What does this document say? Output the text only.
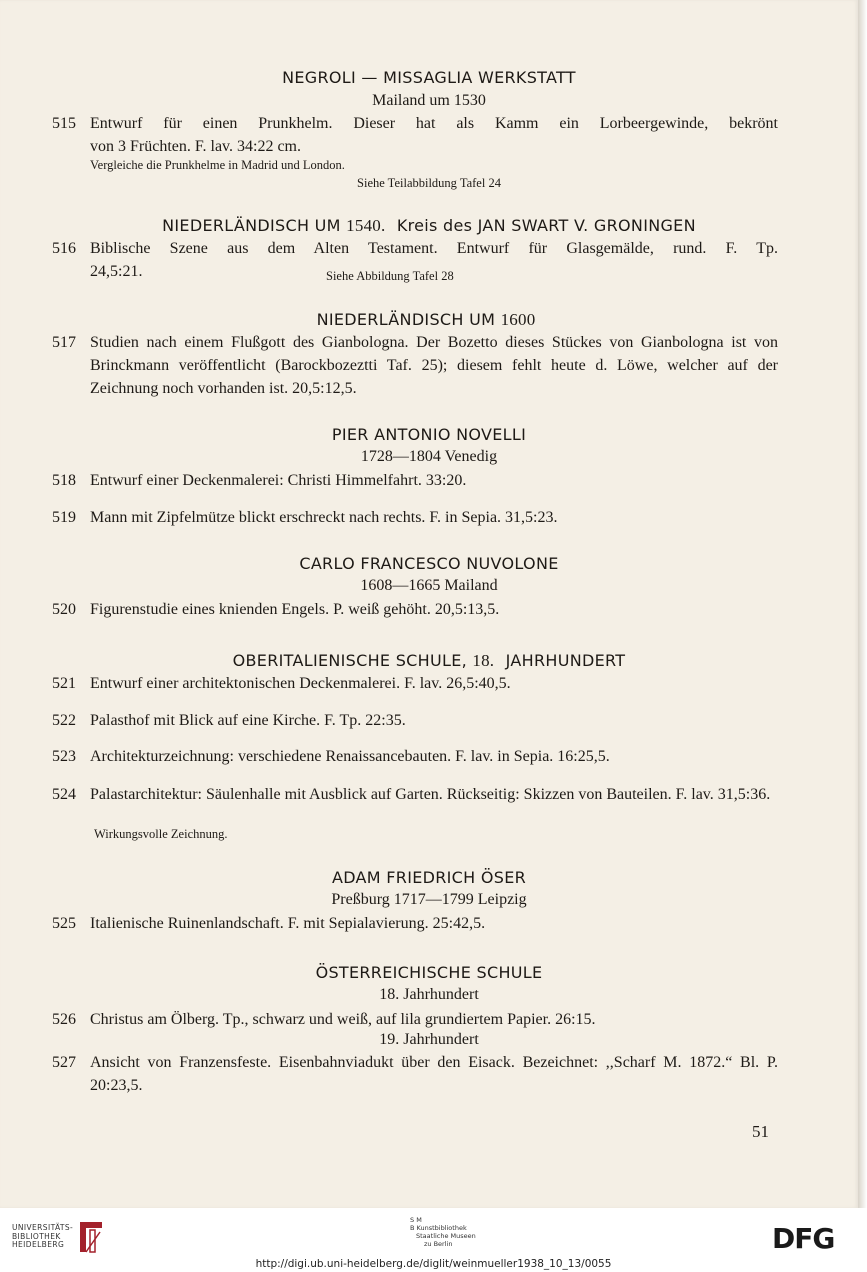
NEGROLI — MISSAGLIA WERKSTATT
Mailand um 1530
515 Entwurf für einen Prunkhelm. Dieser hat als Kamm ein Lorbeergewinde, bekrönt
von 3 Früchten. F. lav. 34:22 cm.
Vergleiche die Prunkhelme in Madrid und London.
Siehe Teilabbildung Tafel 24
NIEDERLÄNDISCH UM 1540. Kreis des JAN SWART V. GRONINGEN
516 Biblische Szene aus dem Alten Testament. Entwurf für Glasgemälde, rund. F. Tp.
24,5:21.	Siehe Abbildung Tafel 28
NIEDERLÄNDISCH UM 1600
517 Studien nach einem Flußgott des Gianbologna. Der Bozetto dieses Stückes von Gianbologna ist von Brinckmann veröffentlicht (Barockbozeztti Taf. 25); diesem fehlt heute d. Löwe, welcher auf der Zeichnung noch vorhanden ist. 20,5:12,5.
PIER ANTONIO NOVELLI
1728—1804 Venedig
518 Entwurf einer Deckenmalerei: Christi Himmelfahrt. 33:20.
519 Mann mit Zipfelmütze blickt erschreckt nach rechts. F. in Sepia. 31,5:23.
CARLO FRANCESCO NUVOLONE
1608—1665 Mailand
520 Figurenstudie eines knienden Engels. P. weiß gehöht. 20,5:13,5.
OBERITALIENISCHE SCHULE, 18. JAHRHUNDERT
521 Entwurf einer architektonischen Deckenmalerei. F. lav. 26,5:40,5.
522 Palasthof mit Blick auf eine Kirche. F. Tp. 22:35.
523 Architekturzeichnung: verschiedene Renaissancebauten. F. lav. in Sepia. 16:25,5.
524 Palastarchitektur: Säulenhalle mit Ausblick auf Garten. Rückseitig: Skizzen von Bauteilen. F. lav. 31,5:36.
Wirkungsvolle Zeichnung.
ADAM FRIEDRICH ÖSER
Preßburg 1717—1799 Leipzig
525 Italienische Ruinenlandschaft. F. mit Sepialavierung. 25:42,5.
ÖSTERREICHISCHE SCHULE
18. Jahrhundert
526 Christus am Ölberg. Tp., schwarz und weiß, auf lila grundiertem Papier. 26:15.
19. Jahrhundert
527 Ansicht von Franzensfeste. Eisenbahnviadukt über den Eisack. Bezeichnet: ,,Scharf M. 1872.“ Bl. P. 20:23,5.
51
UNIVERSITÄTS-
BIBLIOTHEK
HEIDELBERG
S M
B Kunstbibliothek
Staatliche Museen
zu Berlin	DFG
http://digi.ub.uni-heidelberg.de/diglit/weinmueller1938_10_13/0055
